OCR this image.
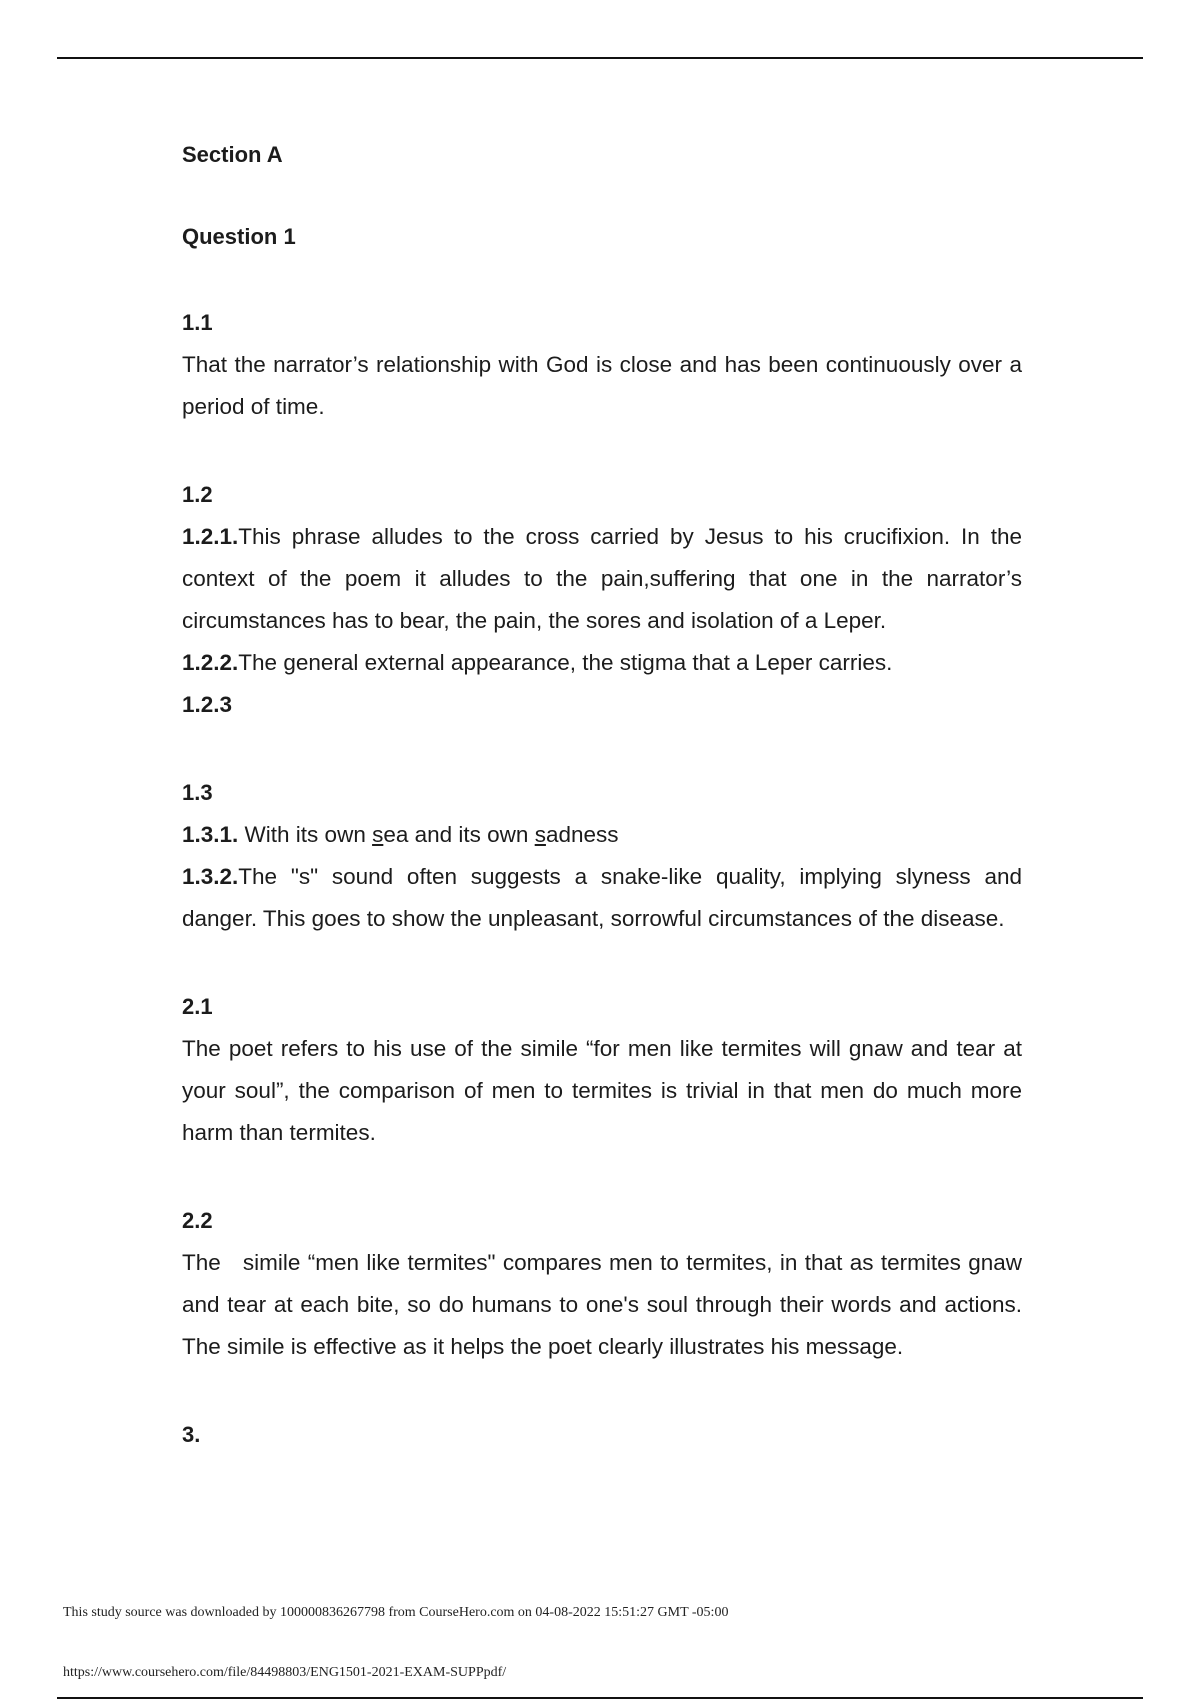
Section A
Question 1
1.1

That the narrator’s relationship with God is close and has been continuously over a period of time.

1.2

1.2.1.This phrase alludes to the cross carried by Jesus to his crucifixion. In the context of the poem it alludes to the pain,suffering that one in the narrator’s circumstances has to bear, the pain, the sores and isolation of a Leper.

1.2.2.The general external appearance, the stigma that a Leper carries.

1.2.3

1.3

1.3.1. With its own sea and its own sadness

1.3.2.The "s" sound often suggests a snake-like quality, implying slyness and danger. This goes to show the unpleasant, sorrowful circumstances of the disease.

2.1

The poet refers to his use of the simile “for men like termites will gnaw and tear at your soul”, the comparison of men to termites is trivial in that men do much more harm than termites.

2.2

The   simile “men like termites" compares men to termites, in that as termites gnaw and tear at each bite, so do humans to one's soul through their words and actions. The simile is effective as it helps the poet clearly illustrates his message.

3.
This study source was downloaded by 100000836267798 from CourseHero.com on 04-08-2022 15:51:27 GMT -05:00
https://www.coursehero.com/file/84498803/ENG1501-2021-EXAM-SUPPpdf/
